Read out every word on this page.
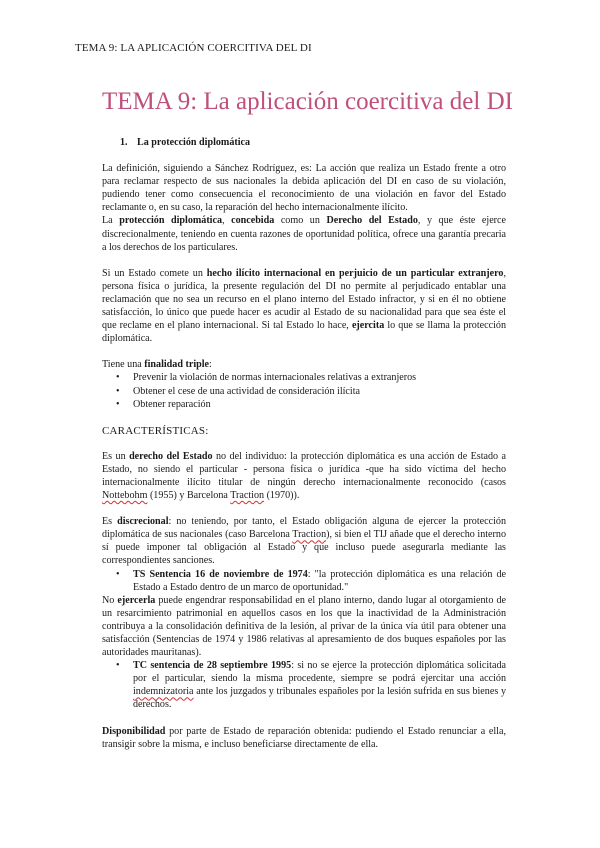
TEMA 9: LA APLICACIÓN COERCITIVA DEL DI
TEMA 9: La aplicación coercitiva del DI

1. La protección diplomática

La definición, siguiendo a Sánchez Rodríguez, es: La acción que realiza un Estado frente a otro para reclamar respecto de sus nacionales la debida aplicación del DI en caso de su violación, pudiendo tener como consecuencia el reconocimiento de una violación en favor del Estado reclamante o, en su caso, la reparación del hecho internacionalmente ilícito.

La protección diplomática, concebida como un Derecho del Estado, y que éste ejerce discrecionalmente, teniendo en cuenta razones de oportunidad política, ofrece una garantía precaria a los derechos de los particulares.

Si un Estado comete un hecho ilícito internacional en perjuicio de un particular extranjero, persona física o jurídica, la presente regulación del DI no permite al perjudicado entablar una reclamación que no sea un recurso en el plano interno del Estado infractor, y si en él no obtiene satisfacción, lo único que puede hacer es acudir al Estado de su nacionalidad para que sea éste el que reclame en el plano internacional. Si tal Estado lo hace, ejercita lo que se llama la protección diplomática.

Tiene una finalidad triple:

• Prevenir la violación de normas internacionales relativas a extranjeros
• Obtener el cese de una actividad de consideración ilícita
• Obtener reparación

CARACTERÍSTICAS:

Es un derecho del Estado no del individuo: la protección diplomática es una acción de Estado a Estado, no siendo el particular - persona física o jurídica -que ha sido víctima del hecho internacionalmente ilícito titular de ningún derecho internacionalmente reconocido (casos Nottebohm (1955) y Barcelona Traction (1970)).

Es discrecional: no teniendo, por tanto, el Estado obligación alguna de ejercer la protección diplomática de sus nacionales (caso Barcelona Traction), si bien el TIJ añade que el derecho interno sí puede imponer tal obligación al Estado y que incluso puede asegurarla mediante las correspondientes sanciones.

• TS Sentencia 16 de noviembre de 1974: "la protección diplomática es una relación de Estado a Estado dentro de un marco de oportunidad."

No ejercerla puede engendrar responsabilidad en el plano interno, dando lugar al otorgamiento de un resarcimiento patrimonial en aquellos casos en los que la inactividad de la Administración contribuya a la consolidación definitiva de la lesión, al privar de la única vía útil para obtener una satisfacción (Sentencias de 1974 y 1986 relativas al apresamiento de dos buques españoles por las autoridades mauritanas).

• TC sentencia de 28 septiembre 1995: si no se ejerce la protección diplomática solicitada por el particular, siendo la misma procedente, siempre se podrá ejercitar una acción indemnizatoria ante los juzgados y tribunales españoles por la lesión sufrida en sus bienes y derechos.

Disponibilidad por parte de Estado de reparación obtenida: pudiendo el Estado renunciar a ella, transigir sobre la misma, e incluso beneficiarse directamente de ella.
